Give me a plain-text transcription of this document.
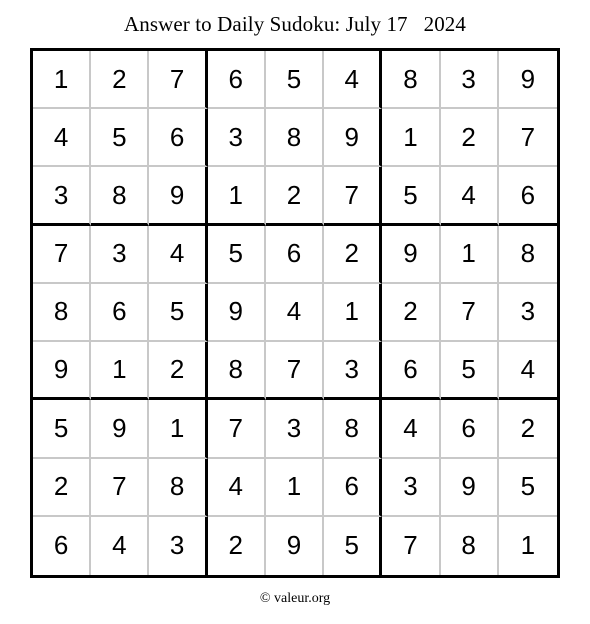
Answer to Daily Sudoku: July 17  2024
1	2	7	6	5	4	8	3	9
4	5	6	3	8	9	1	2	7
3	8	9	1	2	7	5	4	6
7	3	4	5	6	2	9	1	8
8	6	5	9	4	1	2	7	3
9	1	2	8	7	3	6	5	4
5	9	1	7	3	8	4	6	2
2	7	8	4	1	6	3	9	5
6	4	3	2	9	5	7	8	1
© valeur.org
